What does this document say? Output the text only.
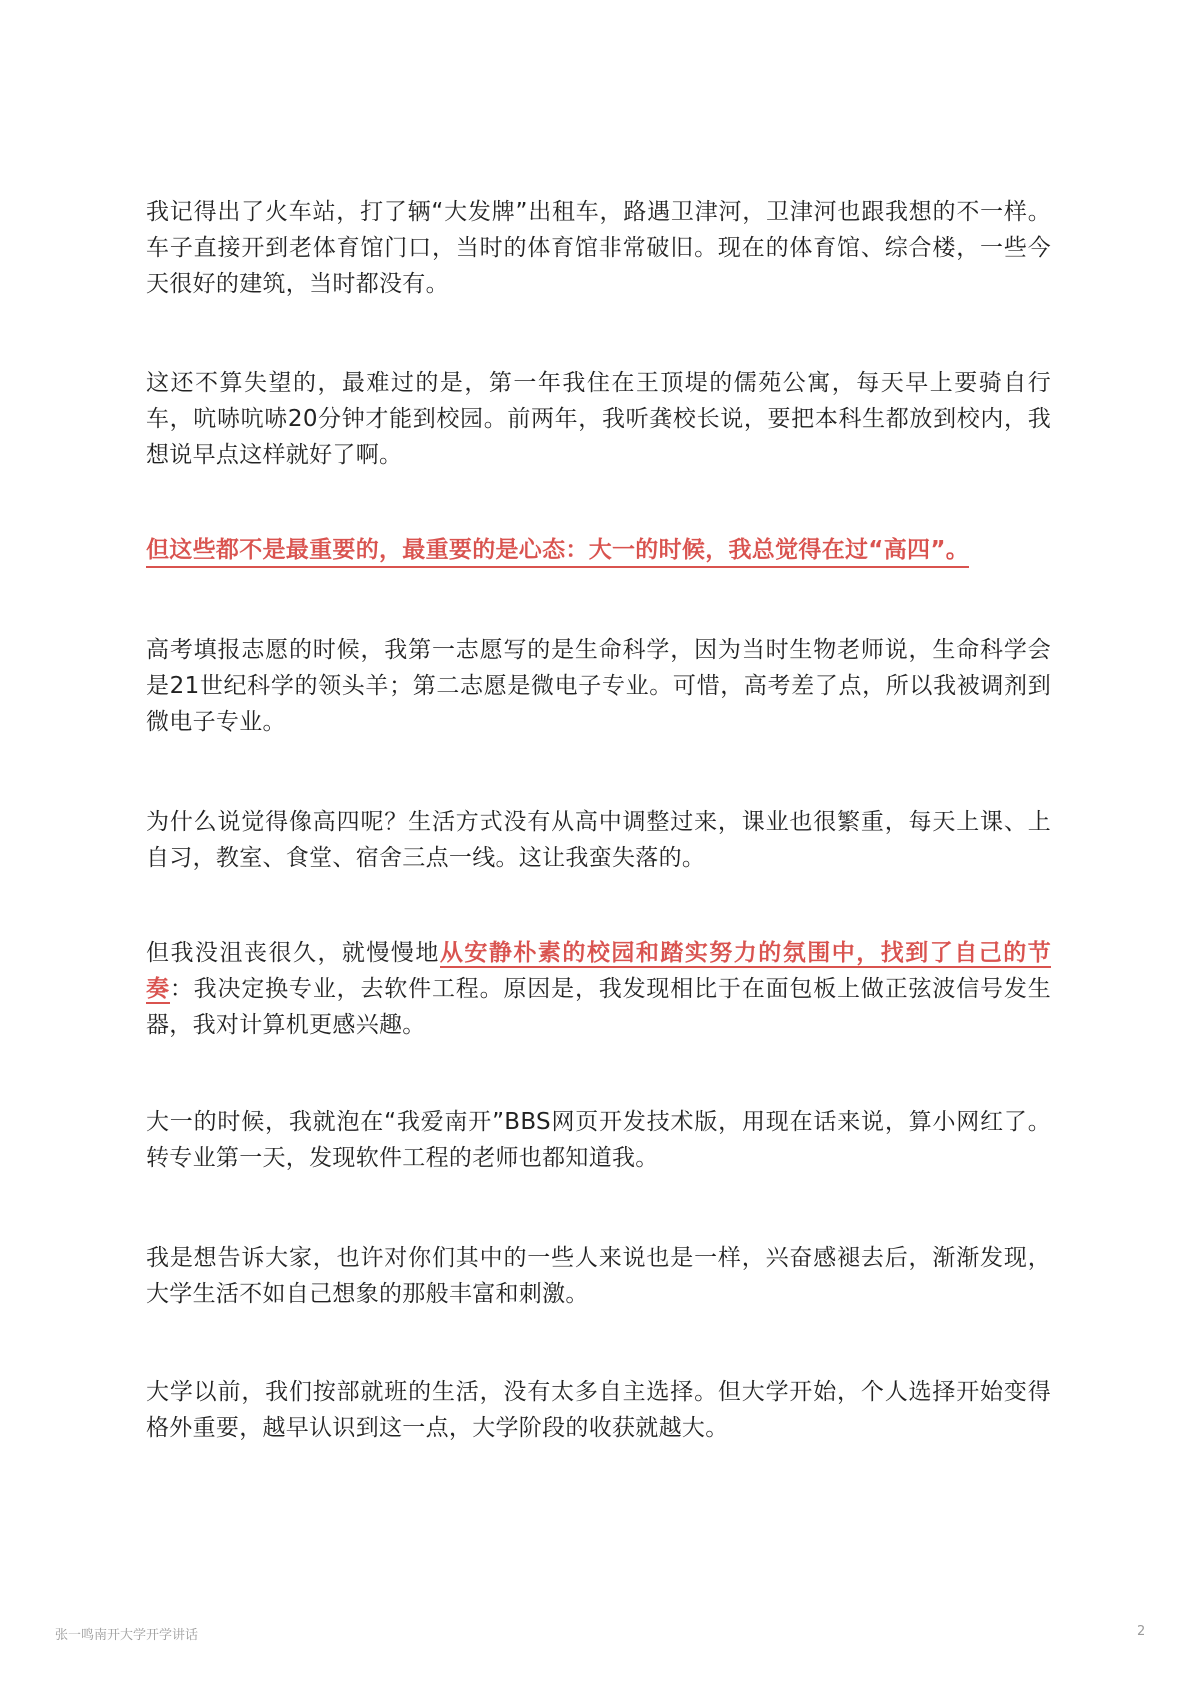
我记得出了火车站，打了辆“大发牌”出租车，路遇卫津河，卫津河也跟我想的不一样。车子直接开到老体育馆门口，当时的体育馆非常破旧。现在的体育馆、综合楼，一些今天很好的建筑，当时都没有。

这还不算失望的，最难过的是，第一年我住在王顶堤的儒苑公寓，每天早上要骑自行车，吭哧吭哧20分钟才能到校园。前两年，我听龚校长说，要把本科生都放到校内，我想说早点这样就好了啊。

但这些都不是最重要的，最重要的是心态：大一的时候，我总觉得在过“高四”。

高考填报志愿的时候，我第一志愿写的是生命科学，因为当时生物老师说，生命科学会是21世纪科学的领头羊；第二志愿是微电子专业。可惜，高考差了点，所以我被调剂到微电子专业。

为什么说觉得像高四呢？生活方式没有从高中调整过来，课业也很繁重，每天上课、上自习，教室、食堂、宿舍三点一线。这让我蛮失落的。

但我没沮丧很久，就慢慢地从安静朴素的校园和踏实努力的氛围中，找到了自己的节奏：我决定换专业，去软件工程。原因是，我发现相比于在面包板上做正弦波信号发生器，我对计算机更感兴趣。

大一的时候，我就泡在“我爱南开”BBS网页开发技术版，用现在话来说，算小网红了。转专业第一天，发现软件工程的老师也都知道我。

我是想告诉大家，也许对你们其中的一些人来说也是一样，兴奋感褪去后，渐渐发现，大学生活不如自己想象的那般丰富和刺激。

大学以前，我们按部就班的生活，没有太多自主选择。但大学开始，个人选择开始变得格外重要，越早认识到这一点，大学阶段的收获就越大。

张一鸣南开大学开学讲话	2
